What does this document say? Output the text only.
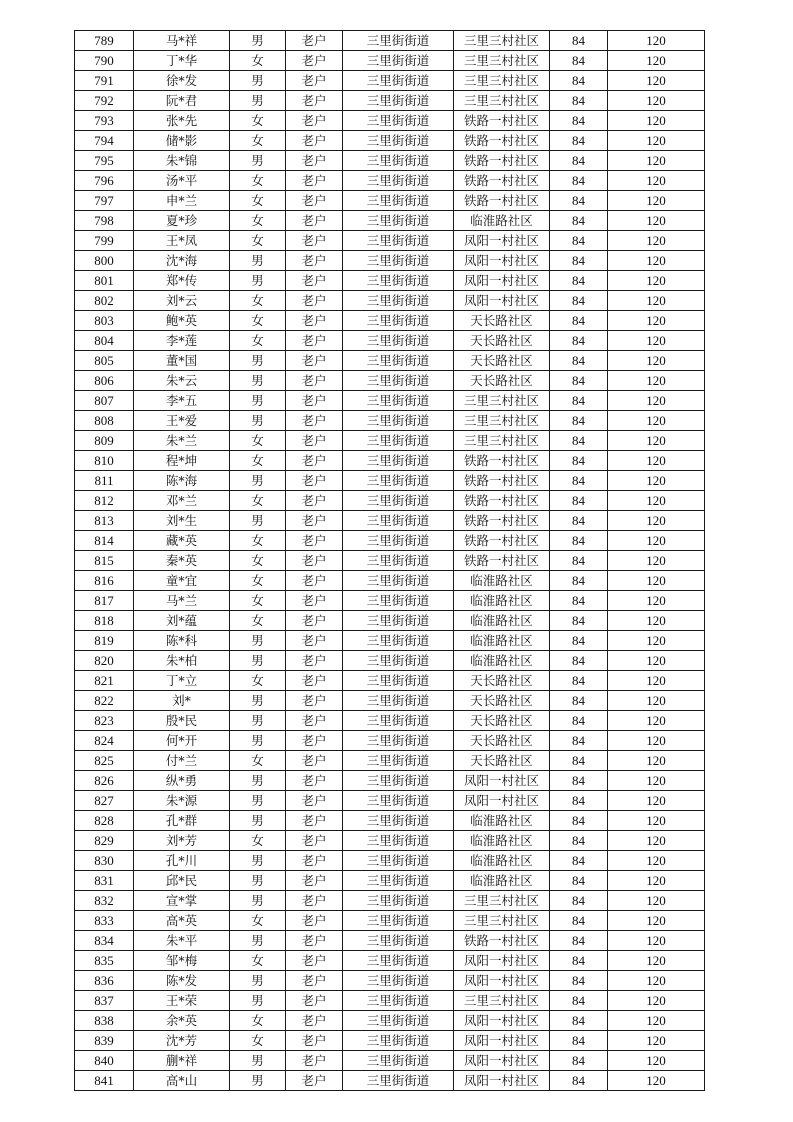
789	马*祥	男	老户	三里街街道	三里三村社区	84	120
790	丁*华	女	老户	三里街街道	三里三村社区	84	120
791	徐*发	男	老户	三里街街道	三里三村社区	84	120
792	阮*君	男	老户	三里街街道	三里三村社区	84	120
793	张*先	女	老户	三里街街道	铁路一村社区	84	120
794	储*影	女	老户	三里街街道	铁路一村社区	84	120
795	朱*锦	男	老户	三里街街道	铁路一村社区	84	120
796	汤*平	女	老户	三里街街道	铁路一村社区	84	120
797	申*兰	女	老户	三里街街道	铁路一村社区	84	120
798	夏*珍	女	老户	三里街街道	临淮路社区	84	120
799	王*凤	女	老户	三里街街道	凤阳一村社区	84	120
800	沈*海	男	老户	三里街街道	凤阳一村社区	84	120
801	郑*传	男	老户	三里街街道	凤阳一村社区	84	120
802	刘*云	女	老户	三里街街道	凤阳一村社区	84	120
803	鲍*英	女	老户	三里街街道	天长路社区	84	120
804	李*莲	女	老户	三里街街道	天长路社区	84	120
805	董*国	男	老户	三里街街道	天长路社区	84	120
806	朱*云	男	老户	三里街街道	天长路社区	84	120
807	李*五	男	老户	三里街街道	三里三村社区	84	120
808	王*爱	男	老户	三里街街道	三里三村社区	84	120
809	朱*兰	女	老户	三里街街道	三里三村社区	84	120
810	程*坤	女	老户	三里街街道	铁路一村社区	84	120
811	陈*海	男	老户	三里街街道	铁路一村社区	84	120
812	邓*兰	女	老户	三里街街道	铁路一村社区	84	120
813	刘*生	男	老户	三里街街道	铁路一村社区	84	120
814	藏*英	女	老户	三里街街道	铁路一村社区	84	120
815	秦*英	女	老户	三里街街道	铁路一村社区	84	120
816	童*宜	女	老户	三里街街道	临淮路社区	84	120
817	马*兰	女	老户	三里街街道	临淮路社区	84	120
818	刘*蕴	女	老户	三里街街道	临淮路社区	84	120
819	陈*科	男	老户	三里街街道	临淮路社区	84	120
820	朱*柏	男	老户	三里街街道	临淮路社区	84	120
821	丁*立	女	老户	三里街街道	天长路社区	84	120
822	刘*	男	老户	三里街街道	天长路社区	84	120
823	殷*民	男	老户	三里街街道	天长路社区	84	120
824	何*开	男	老户	三里街街道	天长路社区	84	120
825	付*兰	女	老户	三里街街道	天长路社区	84	120
826	纵*勇	男	老户	三里街街道	凤阳一村社区	84	120
827	朱*源	男	老户	三里街街道	凤阳一村社区	84	120
828	孔*群	男	老户	三里街街道	临淮路社区	84	120
829	刘*芳	女	老户	三里街街道	临淮路社区	84	120
830	孔*川	男	老户	三里街街道	临淮路社区	84	120
831	邱*民	男	老户	三里街街道	临淮路社区	84	120
832	宣*掌	男	老户	三里街街道	三里三村社区	84	120
833	高*英	女	老户	三里街街道	三里三村社区	84	120
834	朱*平	男	老户	三里街街道	铁路一村社区	84	120
835	邹*梅	女	老户	三里街街道	凤阳一村社区	84	120
836	陈*发	男	老户	三里街街道	凤阳一村社区	84	120
837	王*荣	男	老户	三里街街道	三里三村社区	84	120
838	余*英	女	老户	三里街街道	凤阳一村社区	84	120
839	沈*芳	女	老户	三里街街道	凤阳一村社区	84	120
840	蒯*祥	男	老户	三里街街道	凤阳一村社区	84	120
841	高*山	男	老户	三里街街道	凤阳一村社区	84	120
